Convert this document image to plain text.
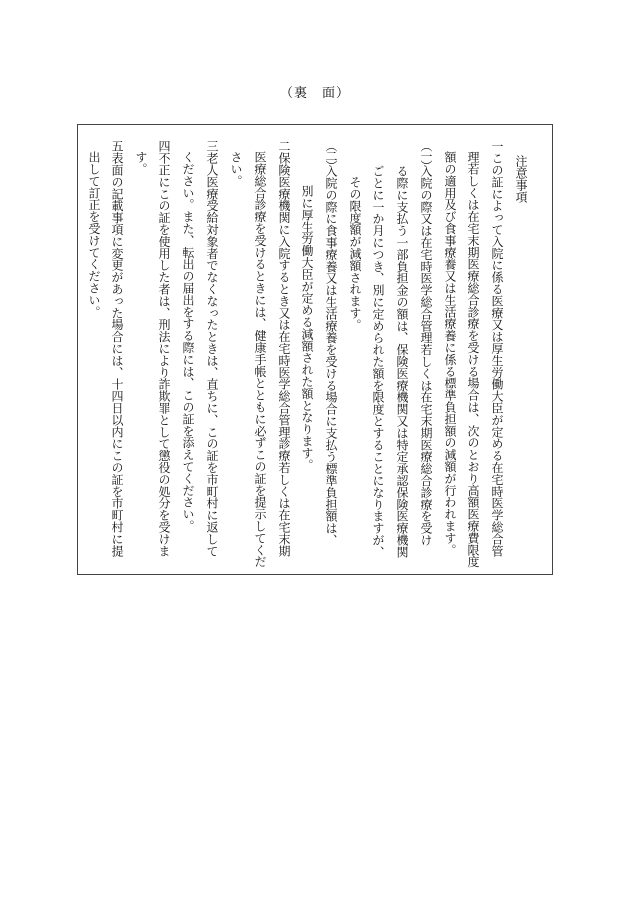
（裏　面）
注意事項
一
この証によって入院に係る医療又は厚生労働大臣が定める在宅時医学総合管
理若しくは在宅末期医療総合診療を受ける場合は、次のとおり高額医療費限度
額の適用及び食事療養又は生活療養に係る標準負担額の減額が行われます。
（一）
入院の際又は在宅時医学総合管理若しくは在宅末期医療総合診療を受け
る際に支払う一部負担金の額は、保険医療機関又は特定承認保険医療機関
ごとに一か月につき、別に定められた額を限度とすることになりますが、
その限度額が減額されます。
（二）
入院の際に食事療養又は生活療養を受ける場合に支払う標準負担額は、
別に厚生労働大臣が定める減額された額となります。
二
保険医療機関に入院するとき又は在宅時医学総合管理診療若しくは在宅末期
医療総合診療を受けるときには、健康手帳とともに必ずこの証を提示してくだ
さい。
三
老人医療受給対象者でなくなったときは、直ちに、この証を市町村に返して
ください。また、転出の届出をする際には、この証を添えてください。
四
不正にこの証を使用した者は、刑法により詐欺罪として懲役の処分を受けま
す。
五
表面の記載事項に変更があった場合には、十四日以内にこの証を市町村に提
出して訂正を受けてください。
